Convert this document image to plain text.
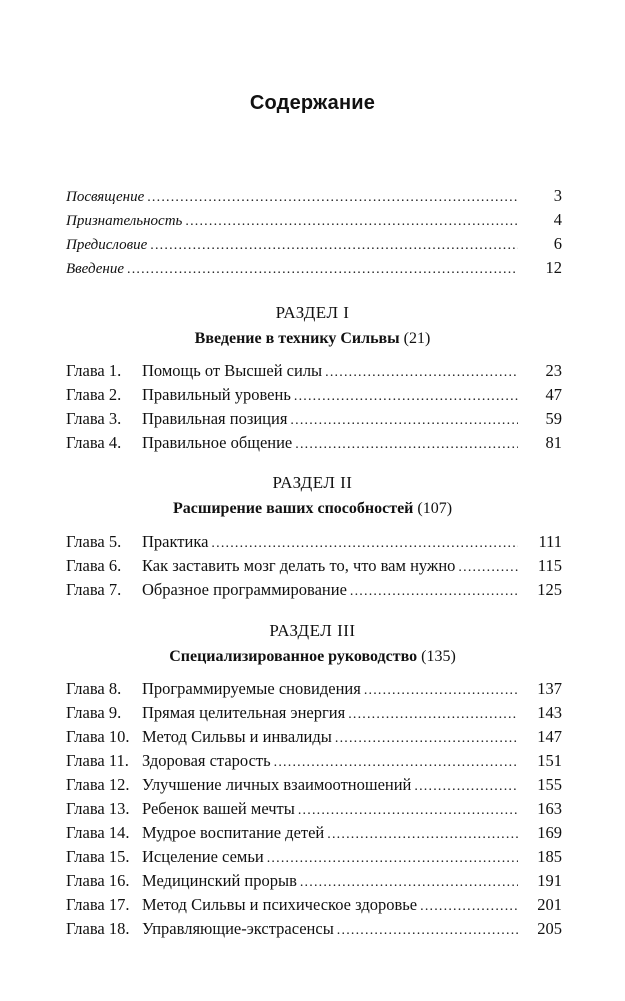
Содержание
Посвящение .....	3
Признательность .....	4
Предисловие .....	6
Введение .....	12
РАЗДЕЛ I
Введение в технику Сильвы (21)
Глава 1.	Помощь от Высшей силы .....	23
Глава 2.	Правильный уровень .....	47
Глава 3.	Правильная позиция .....	59
Глава 4.	Правильное общение .....	81
РАЗДЕЛ II
Расширение ваших способностей (107)
Глава 5.	Практика .....	111
Глава 6.	Как заставить мозг делать то, что вам нужно .....	115
Глава 7.	Образное программирование .....	125
РАЗДЕЛ III
Специализированное руководство (135)
Глава 8.	Программируемые сновидения .....	137
Глава 9.	Прямая целительная энергия .....	143
Глава 10. Метод Сильвы и инвалиды .....	147
Глава 11. Здоровая старость .....	151
Глава 12. Улучшение личных взаимоотношений .....	155
Глава 13. Ребенок вашей мечты .....	163
Глава 14. Мудрое воспитание детей .....	169
Глава 15. Исцеление семьи .....	185
Глава 16. Медицинский прорыв .....	191
Глава 17. Метод Сильвы и психическое здоровье .....	201
Глава 18. Управляющие-экстрасенсы .....	205
